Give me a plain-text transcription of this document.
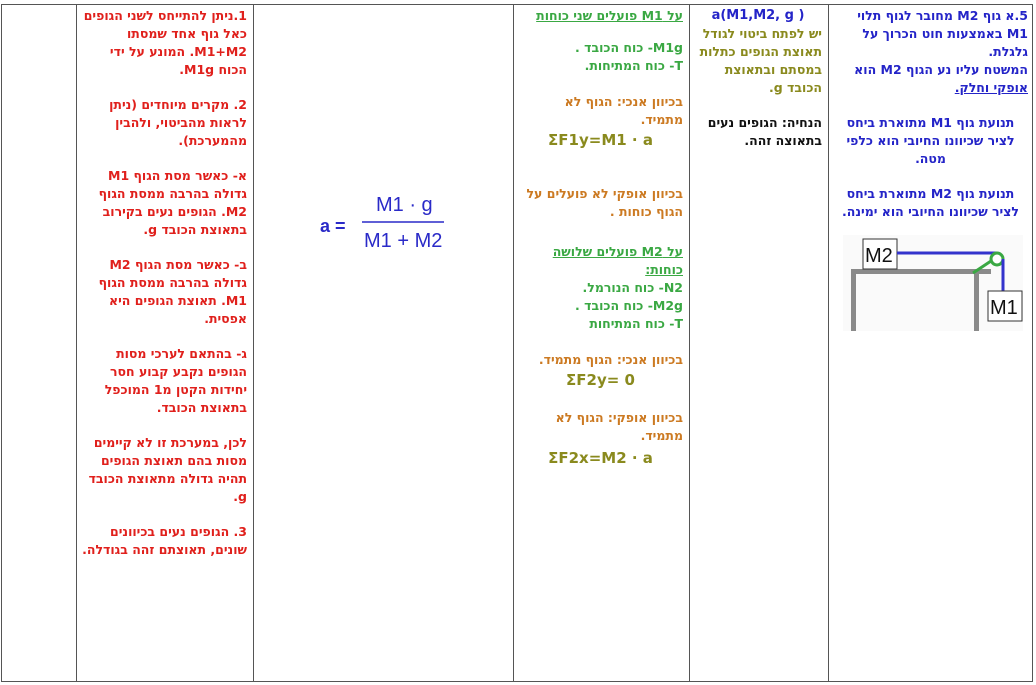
1.ניתן להתייחס לשני הגופים כאל גוף אחד שמסתו M1+M2. המונע על ידי הכוח M1g.

2. מקרים מיוחדים (ניתן לראות מהביטוי, ולהבין מהמערכת).

א- כאשר מסת הגוף M1 גדולה בהרבה ממסת הגוף M2. הגופים נעים בקירוב בתאוצת הכובד g.

ב- כאשר מסת הגוף M2 גדולה בהרבה ממסת הגוף M1. תאוצת הגופים היא אפסית.

ג- בהתאם לערכי מסות הגופים נקבע קבוע חסר יחידות הקטן מ1 המוכפל בתאוצת הכובד.

לכן, במערכת זו לא קיימים מסות בהם תאוצת הגופים תהיה גדולה מתאוצת הכובד g.

3. הגופים נעים בכיוונים שונים, תאוצתם זהה בגודלה.

a =
M1 · g
M1 + M2

על M1 פועלים שני כוחות

M1g- כוח הכובד .

T- כוח המתיחות.

בכיוון אנכי: הגוף לא מתמיד.

ΣF1y=M1 · a

בכיוון אופקי לא פועלים על הגוף כוחות .

על M2 פועלים שלושה כוחות:

N2- כוח הנורמל.

M2g- כוח הכובד .

T- כוח המתיחות

בכיוון אנכי: הגוף מתמיד.

ΣF2y= 0

בכיוון אופקי: הגוף לא מתמיד.

ΣF2x=M2 · a

a(M1,M2, g )

יש לפתח ביטוי לגודל תאוצת הגופים כתלות במסתם ובתאוצת הכובד g.

הנחיה: הגופים נעים בתאוצה זהה.

5.א גוף M2 מחובר לגוף תלוי M1 באמצעות חוט הכרוך על גלגלת.

המשטח עליו נע הגוף M2 הוא אופקי וחלק.

תנועת גוף M1 מתוארת ביחס לציר שכיוונו החיובי הוא כלפי מטה.

תנועת גוף M2 מתוארת ביחס לציר שכיוונו החיובי הוא ימינה.

M2
M1
